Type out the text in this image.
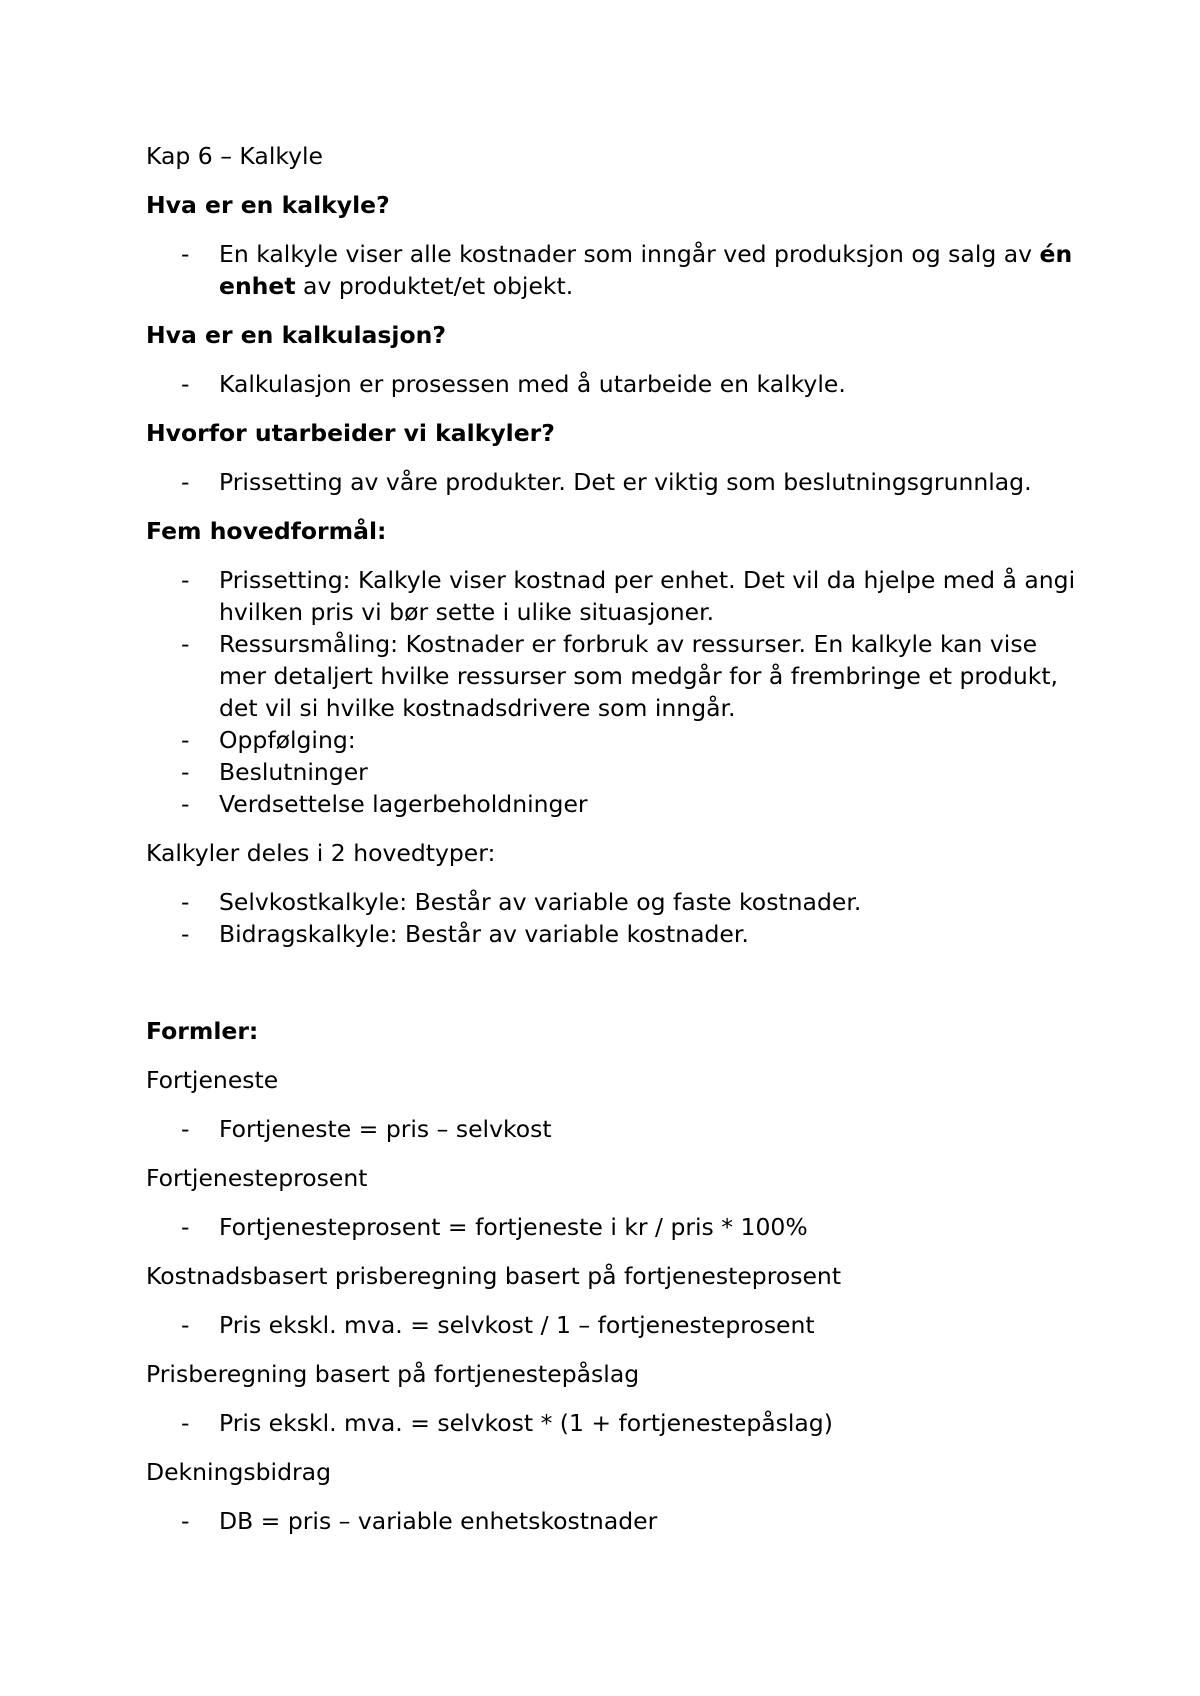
Kap 6 – Kalkyle

Hva er en kalkyle?

- En kalkyle viser alle kostnader som inngår ved produksjon og salg av én enhet av produktet/et objekt.

Hva er en kalkulasjon?

- Kalkulasjon er prosessen med å utarbeide en kalkyle.

Hvorfor utarbeider vi kalkyler?

- Prissetting av våre produkter. Det er viktig som beslutningsgrunnlag.

Fem hovedformål:

- Prissetting: Kalkyle viser kostnad per enhet. Det vil da hjelpe med å angi hvilken pris vi bør sette i ulike situasjoner.
- Ressursmåling: Kostnader er forbruk av ressurser. En kalkyle kan vise mer detaljert hvilke ressurser som medgår for å frembringe et produkt, det vil si hvilke kostnadsdrivere som inngår.
- Oppfølging:
- Beslutninger
- Verdsettelse lagerbeholdninger

Kalkyler deles i 2 hovedtyper:

- Selvkostkalkyle: Består av variable og faste kostnader.
- Bidragskalkyle: Består av variable kostnader.

Formler:

Fortjeneste

- Fortjeneste = pris – selvkost

Fortjenesteprosent

- Fortjenesteprosent = fortjeneste i kr / pris * 100%

Kostnadsbasert prisberegning basert på fortjenesteprosent

- Pris ekskl. mva. = selvkost / 1 – fortjenesteprosent

Prisberegning basert på fortjenestepåslag

- Pris ekskl. mva. = selvkost * (1 + fortjenestepåslag)

Dekningsbidrag

- DB = pris – variable enhetskostnader
